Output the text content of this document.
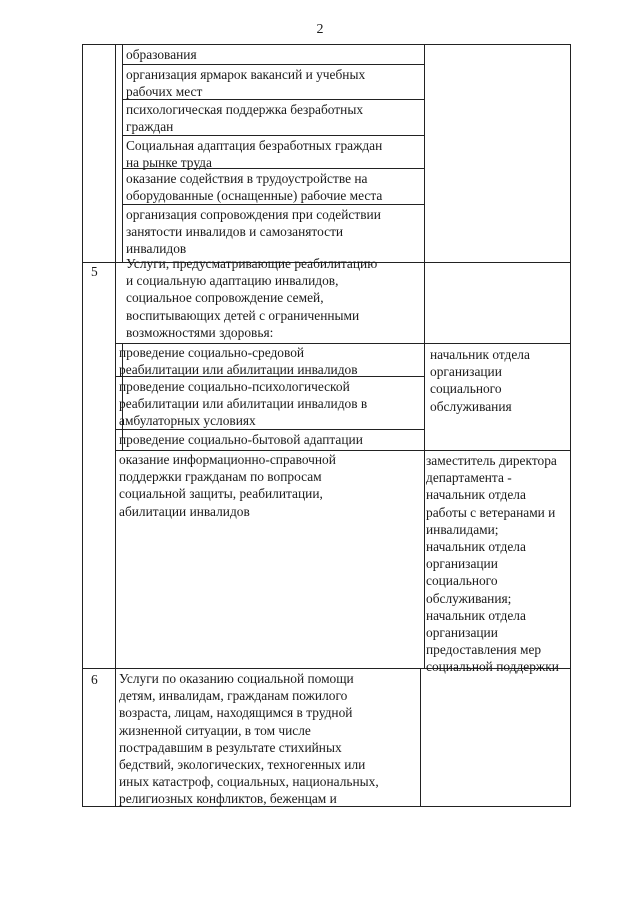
2
образования
организация ярмарок вакансий и учебных
рабочих мест
психологическая поддержка безработных
граждан
Социальная адаптация безработных граждан
на рынке труда
оказание содействия в трудоустройстве на
оборудованные (оснащенные) рабочие места
организация сопровождения при содействии
занятости инвалидов и самозанятости
инвалидов
5
Услуги, предусматривающие реабилитацию
и социальную адаптацию инвалидов,
социальное сопровождение семей,
воспитывающих детей с ограниченными
возможностями здоровья:
проведение социально-средовой
реабилитации или абилитации инвалидов
проведение социально-психологической
реабилитации или абилитации инвалидов в
амбулаторных условиях
проведение социально-бытовой адаптации
оказание информационно-справочной
поддержки гражданам по вопросам
социальной защиты, реабилитации,
абилитации инвалидов
начальник отдела
организации
социального
обслуживания
заместитель директора
департамента -
начальник отдела
работы с ветеранами и
инвалидами;
начальник отдела
организации
социального
обслуживания;
начальник отдела
организации
предоставления мер
социальной поддержки
6 Услуги по оказанию социальной помощи
детям, инвалидам, гражданам пожилого
возраста, лицам, находящимся в трудной
жизненной ситуации, в том числе
пострадавшим в результате стихийных
бедствий, экологических, техногенных или
иных катастроф, социальных, национальных,
религиозных конфликтов, беженцам и
